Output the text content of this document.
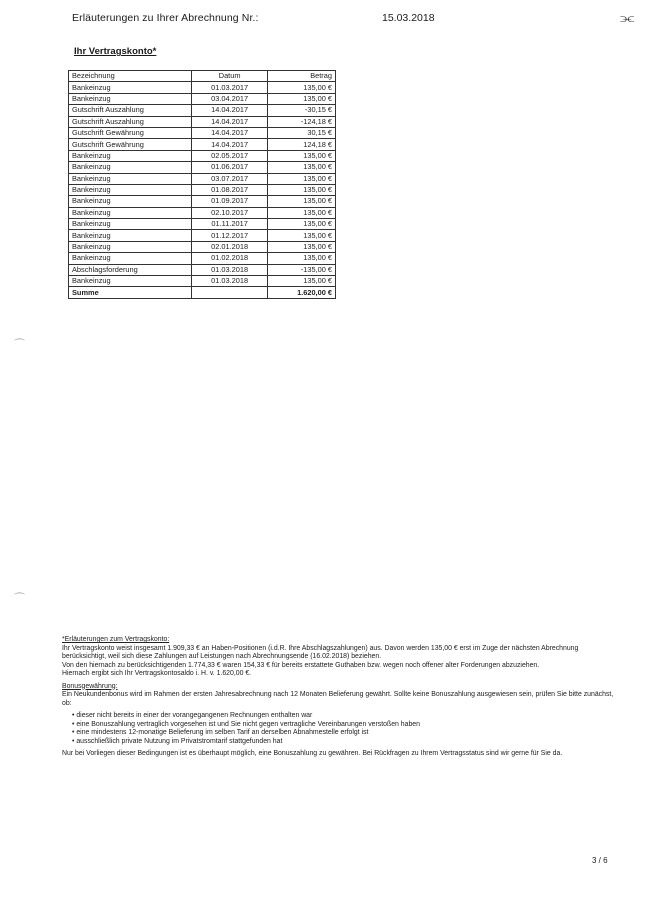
Erläuterungen zu Ihrer Abrechnung Nr.:	15.03.2018	⫘
Ihr Vertragskonto*
Bezeichnung	Datum	Betrag
Bankeinzug	01.03.2017	135,00 €
Bankeinzug	03.04.2017	135,00 €
Gutschrift Auszahlung	14.04.2017	-30,15 €
Gutschrift Auszahlung	14.04.2017	-124,18 €
Gutschrift Gewährung	14.04.2017	30,15 €
Gutschrift Gewährung	14.04.2017	124,18 €
Bankeinzug	02.05.2017	135,00 €
Bankeinzug	01.06.2017	135,00 €
Bankeinzug	03.07.2017	135,00 €
Bankeinzug	01.08.2017	135,00 €
Bankeinzug	01.09.2017	135,00 €
Bankeinzug	02.10.2017	135,00 €
Bankeinzug	01.11.2017	135,00 €
Bankeinzug	01.12.2017	135,00 €
Bankeinzug	02.01.2018	135,00 €
Bankeinzug	01.02.2018	135,00 €
Abschlagsforderung	01.03.2018	-135,00 €
Bankeinzug	01.03.2018	135,00 €
Summe		1.620,00 €
⌒
⌒

*Erläuterungen zum Vertragskonto:

Ihr Vertragskonto weist insgesamt 1.909,33 € an Haben-Positionen (i.d.R. Ihre Abschlagszahlungen) aus. Davon werden 135,00 € erst im Zuge der nächsten Abrechnung berücksichtigt, weil sich diese Zahlungen auf Leistungen nach Abrechnungsende (16.02.2018) beziehen.

Von den hiernach zu berücksichtigenden 1.774,33 € waren 154,33 € für bereits erstattete Guthaben bzw. wegen noch offener alter Forderungen abzuziehen.

Hiernach ergibt sich Ihr Vertragskontosaldo i. H. v. 1.620,00 €.

Bonusgewährung:

Ein Neukundenbonus wird im Rahmen der ersten Jahresabrechnung nach 12 Monaten Belieferung gewährt. Sollte keine Bonuszahlung ausgewiesen sein, prüfen Sie bitte zunächst, ob:

• dieser nicht bereits in einer der vorangegangenen Rechnungen enthalten war
• eine Bonuszahlung vertraglich vorgesehen ist und Sie nicht gegen vertragliche Vereinbarungen verstoßen haben
• eine mindestens 12-monatige Belieferung im selben Tarif an derselben Abnahmestelle erfolgt ist
• ausschließlich private Nutzung im Privatstromtarif stattgefunden hat

Nur bei Vorliegen dieser Bedingungen ist es überhaupt möglich, eine Bonuszahlung zu gewähren. Bei Rückfragen zu Ihrem Vertragsstatus sind wir gerne für Sie da.

3 / 6
